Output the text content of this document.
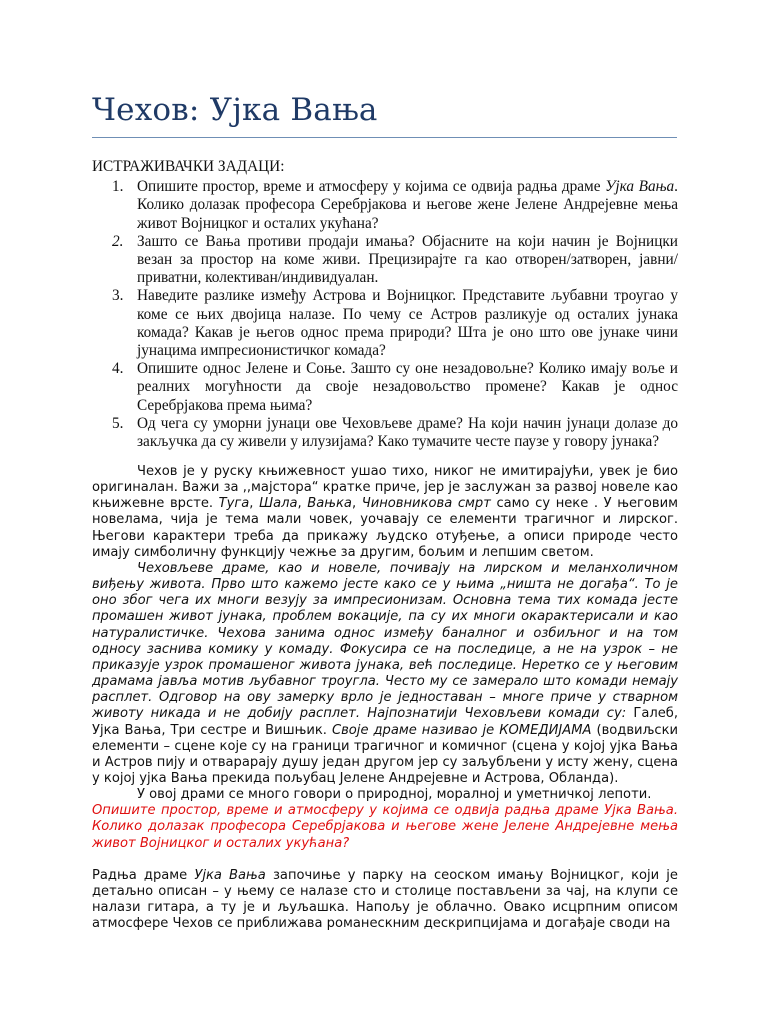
Чехов: Ујка Вања

ИСТРАЖИВАЧКИ ЗАДАЦИ:

1. Опишите простор, време и атмосферу у којима се одвија радња драме Ујка Вања. Колико долазак професора Серебрјакова и његове жене Јелене Андрејевне мења живот Војницког и осталих укућана?
2. Зашто се Вања противи продаји имања? Објасните на који начин је Војницки везан за простор на коме живи. Прецизирајте га као отворен/затворен, јавни/приватни, колективан/индивидуалан.
3. Наведите разлике између Астрова и Војницког. Представите љубавни троугао у коме се њих двојица налазе. По чему се Астров разликује од осталих јунака комада? Какав је његов однос према природи? Шта је оно што ове јунаке чини јунацима импресионистичког комада?
4. Опишите однос Јелене и Соње. Зашто су оне незадовољне? Колико имају воље и реалних могућности да своје незадовољство промене? Какав је однос Серебрјакова према њима?
5. Од чега су уморни јунаци ове Чеховљеве драме? На који начин јунаци долазе до закључка да су живели у илузијама? Како тумачите честе паузе у говору јунака?

Чехов је у руску књижевност ушао тихо, никог не имитирајући, увек је био оригиналан. Важи за ,,мајстора“ кратке приче, јер је заслужан за развој новеле као књижевне врсте. Туга, Шала, Вањка, Чиновникова смрт само су неке . У његовим новелама, чија је тема мали човек, уочавају се елементи трагичног и лирског. Његови карактери треба да прикажу људско отуђење, а описи природе често имају симболичну функцију чежње за другим, бољим и лепшим светом.

Чеховљеве драме, као и новеле, почивају на лирском и меланхоличном виђењу живота. Прво што кажемо јесте како се у њима „ништа не догађа“. То је оно због чега их многи везују за импресионизам. Основна тема тих комада јесте промашен живот јунака, проблем вокације, па су их многи окарактерисали и као натуралистичке. Чехова занима однос између баналног и озбиљног и на том односу заснива комику у комаду. Фокусира се на последице, а не на узрок – не приказује узрок промашеног живота јунака, већ последице. Неретко се у његовим драмама јавља мотив љубавног троугла. Често му се замерало што комади немају расплет. Одговор на ову замерку врло је једноставан – многе приче у стварном животу никада и не добију расплет. Најпознатији Чеховљеви комади су: Галеб, Ујка Вања, Три сестре и Вишњик. Своје драме називао је КОМЕДИЈАМА (водвиљски елементи – сцене које су на граници трагичног и комичног (сцена у којој ујка Вања и Астров пију и отварарају душу један другом јер су заљубљени у исту жену, сцена у којој ујка Вања прекида пољубац Јелене Андрејевне и Астрова, Обланда).

У овој драми се много говори о природној, моралној и уметничкој лепоти.

Опишите простор, време и атмосферу у којима се одвија радња драме Ујка Вања. Колико долазак професора Серебрјакова и његове жене Јелене Андрејевне мења живот Војницког и осталих укућана?

Радња драме Ујка Вања започиње у парку на сеоском имању Војницког, који је детаљно описан – у њему се налазе сто и столице постављени за чај, на клупи се налази гитара, а ту је и љуљашка. Напољу је облачно. Овако исцрпним описом атмосфере Чехов се приближава романескним дескрипцијама и догађаје своди на
